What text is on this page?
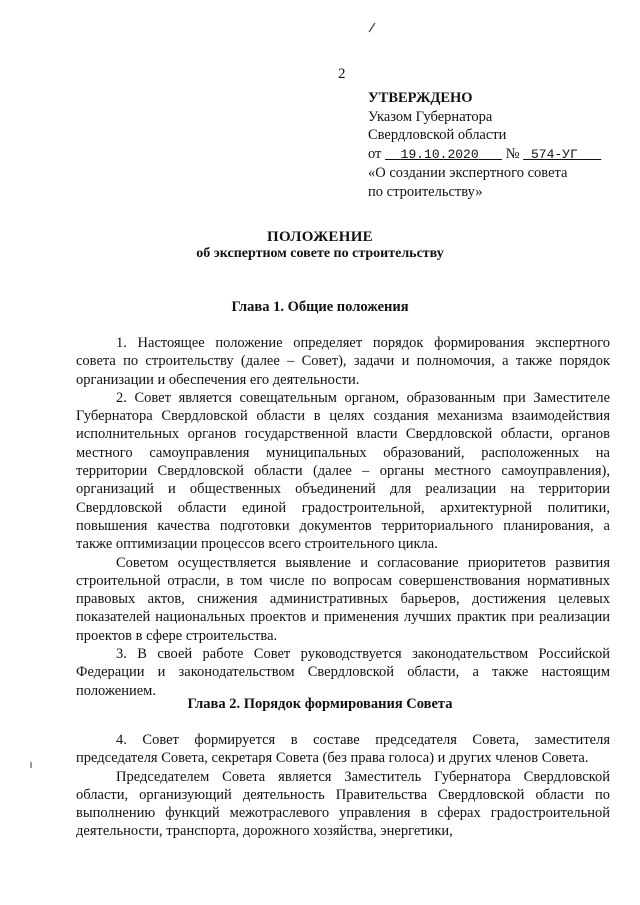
2
УТВЕРЖДЕНО
Указом Губернатора
Свердловской области
от 19.10.2020 № 574-УГ
«О создании экспертного совета
по строительству»
ПОЛОЖЕНИЕ
об экспертном совете по строительству
Глава 1. Общие положения

1. Настоящее положение определяет порядок формирования экспертного совета по строительству (далее – Совет), задачи и полномочия, а также порядок организации и обеспечения его деятельности.

2. Совет является совещательным органом, образованным при Заместителе Губернатора Свердловской области в целях создания механизма взаимодействия исполнительных органов государственной власти Свердловской области, органов местного самоуправления муниципальных образований, расположенных на территории Свердловской области (далее – органы местного самоуправления), организаций и общественных объединений для реализации на территории Свердловской области единой градостроительной, архитектурной политики, повышения качества подготовки документов территориального планирования, а также оптимизации процессов всего строительного цикла.

Советом осуществляется выявление и согласование приоритетов развития строительной отрасли, в том числе по вопросам совершенствования нормативных правовых актов, снижения административных барьеров, достижения целевых показателей национальных проектов и применения лучших практик при реализации проектов в сфере строительства.

3. В своей работе Совет руководствуется законодательством Российской Федерации и законодательством Свердловской области, а также настоящим положением.

Глава 2. Порядок формирования Совета

4. Совет формируется в составе председателя Совета, заместителя председателя Совета, секретаря Совета (без права голоса) и других членов Совета.

Председателем Совета является Заместитель Губернатора Свердловской области, организующий деятельность Правительства Свердловской области по выполнению функций межотраслевого управления в сферах градостроительной деятельности, транспорта, дорожного хозяйства, энергетики,
